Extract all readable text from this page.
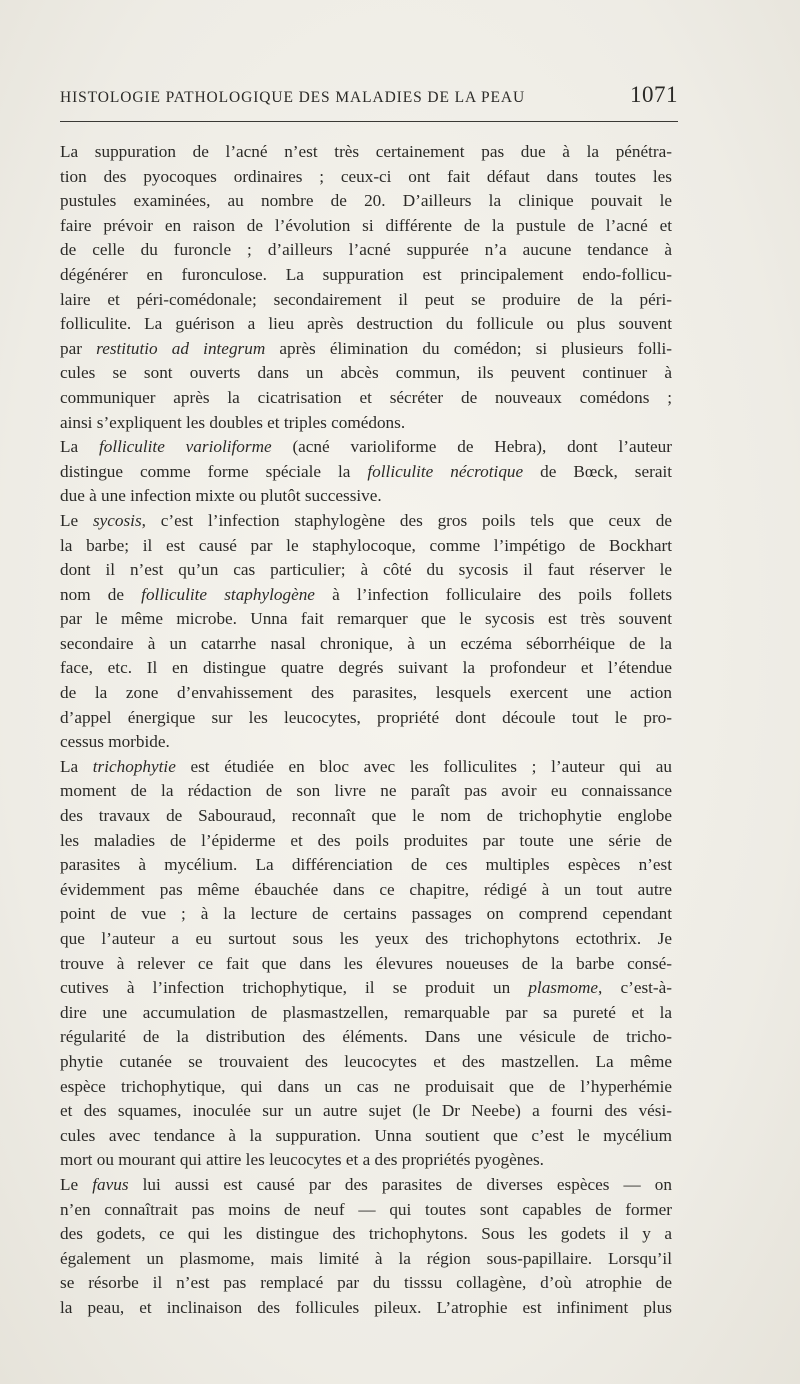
HISTOLOGIE PATHOLOGIQUE DES MALADIES DE LA PEAU	1071
La suppuration de l’acné n’est très certainement pas due à la pénétra-
tion des pyocoques ordinaires ; ceux-ci ont fait défaut dans toutes les
pustules examinées, au nombre de 20. D’ailleurs la clinique pouvait le
faire prévoir en raison de l’évolution si différente de la pustule de l’acné et
de celle du furoncle ; d’ailleurs l’acné suppurée n’a aucune tendance à
dégénérer en furonculose. La suppuration est principalement endo-follicu-
laire et péri-comédonale; secondairement il peut se produire de la péri-
folliculite. La guérison a lieu après destruction du follicule ou plus souvent
par restitutio ad integrum après élimination du comédon; si plusieurs folli-
cules se sont ouverts dans un abcès commun, ils peuvent continuer à
communiquer après la cicatrisation et sécréter de nouveaux comédons ;
ainsi s’expliquent les doubles et triples comédons.
La folliculite varioliforme (acné varioliforme de Hebra), dont l’auteur
distingue comme forme spéciale la folliculite nécrotique de Bœck, serait
due à une infection mixte ou plutôt successive.
Le sycosis, c’est l’infection staphylogène des gros poils tels que ceux de
la barbe; il est causé par le staphylocoque, comme l’impétigo de Bockhart
dont il n’est qu’un cas particulier; à côté du sycosis il faut réserver le
nom de folliculite staphylogène à l’infection folliculaire des poils follets
par le même microbe. Unna fait remarquer que le sycosis est très souvent
secondaire à un catarrhe nasal chronique, à un eczéma séborrhéique de la
face, etc. Il en distingue quatre degrés suivant la profondeur et l’étendue
de la zone d’envahissement des parasites, lesquels exercent une action
d’appel énergique sur les leucocytes, propriété dont découle tout le pro-
cessus morbide.
La trichophytie est étudiée en bloc avec les folliculites ; l’auteur qui au
moment de la rédaction de son livre ne paraît pas avoir eu connaissance
des travaux de Sabouraud, reconnaît que le nom de trichophytie englobe
les maladies de l’épiderme et des poils produites par toute une série de
parasites à mycélium. La différenciation de ces multiples espèces n’est
évidemment pas même ébauchée dans ce chapitre, rédigé à un tout autre
point de vue ; à la lecture de certains passages on comprend cependant
que l’auteur a eu surtout sous les yeux des trichophytons ectothrix. Je
trouve à relever ce fait que dans les élevures noueuses de la barbe consé-
cutives à l’infection trichophytique, il se produit un plasmome, c’est-à-
dire une accumulation de plasmastzellen, remarquable par sa pureté et la
régularité de la distribution des éléments. Dans une vésicule de tricho-
phytie cutanée se trouvaient des leucocytes et des mastzellen. La même
espèce trichophytique, qui dans un cas ne produisait que de l’hyperhémie
et des squames, inoculée sur un autre sujet (le Dr Neebe) a fourni des vési-
cules avec tendance à la suppuration. Unna soutient que c’est le mycélium
mort ou mourant qui attire les leucocytes et a des propriétés pyogènes.
Le favus lui aussi est causé par des parasites de diverses espèces — on
n’en connaîtrait pas moins de neuf — qui toutes sont capables de former
des godets, ce qui les distingue des trichophytons. Sous les godets il y a
également un plasmome, mais limité à la région sous-papillaire. Lorsqu’il
se résorbe il n’est pas remplacé par du tisssu collagène, d’où atrophie de
la peau, et inclinaison des follicules pileux. L’atrophie est infiniment plus
